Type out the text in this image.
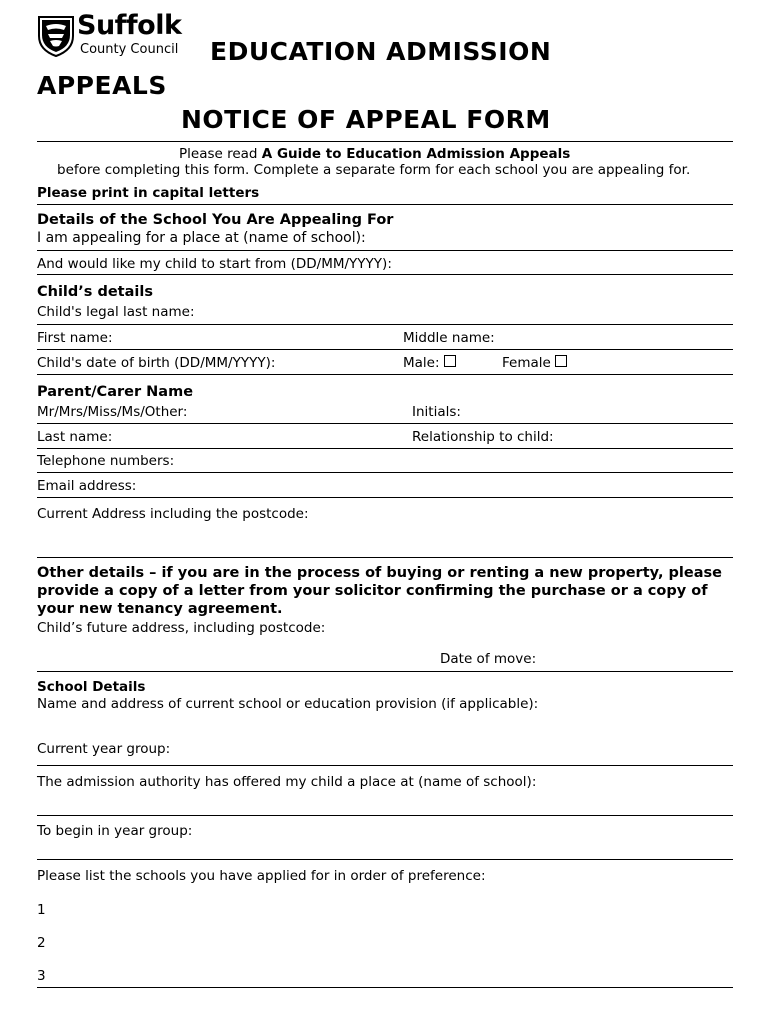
Suffolk
County Council EDUCATION ADMISSION
APPEALS
NOTICE OF APPEAL FORM
Please read A Guide to Education Admission Appeals
before completing this form. Complete a separate form for each school you are appealing for.
Please print in capital letters
Details of the School You Are Appealing For
I am appealing for a place at (name of school):
And would like my child to start from (DD/MM/YYYY):
Child’s details
Child's legal last name:
First name:	Middle name:
Child's date of birth (DD/MM/YYYY):	Male:	Female
Parent/Carer Name
Mr/Mrs/Miss/Ms/Other:	Initials:
Last name:	Relationship to child:
Telephone numbers:
Email address:
Current Address including the postcode:
Other details – if you are in the process of buying or renting a new property, please provide a copy of a letter from your solicitor confirming the purchase or a copy of your new tenancy agreement.
Child’s future address, including postcode:
Date of move:
School Details
Name and address of current school or education provision (if applicable):
Current year group:
The admission authority has offered my child a place at (name of school):
To begin in year group:
Please list the schools you have applied for in order of preference:
1
2
3
